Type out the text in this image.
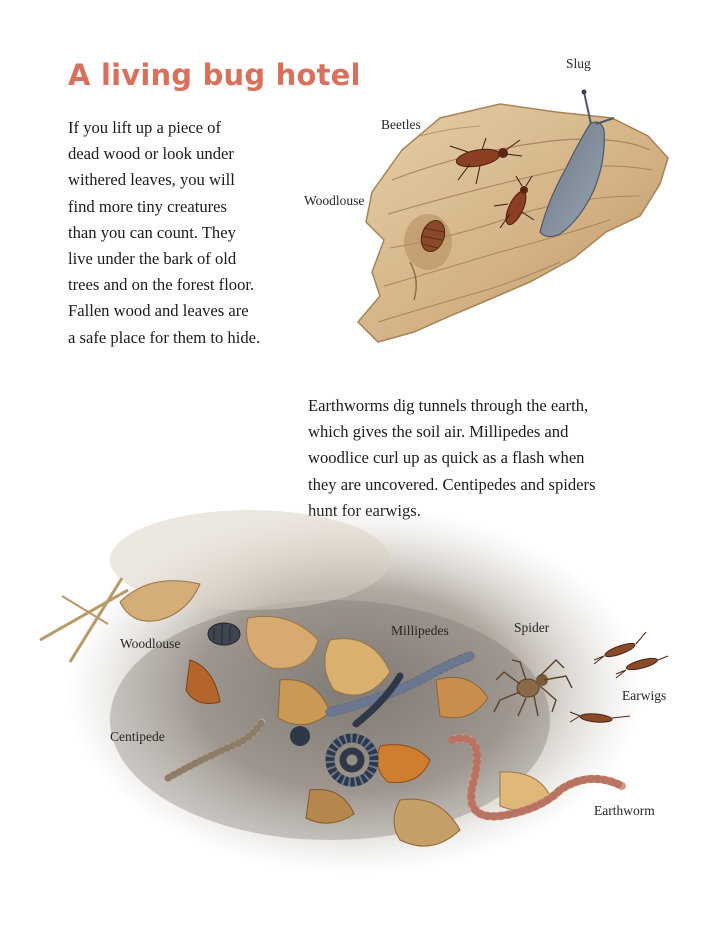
A living bug hotel
If you lift up a piece of
dead wood or look under
withered leaves, you will
find more tiny creatures
than you can count. They
live under the bark of old
trees and on the forest floor.
Fallen wood and leaves are
a safe place for them to hide.
Earthworms dig tunnels through the earth,
which gives the soil air. Millipedes and
woodlice curl up as quick as a flash when
they are uncovered. Centipedes and spiders
Slug
Beetles
Woodlouse
Woodlouse
Millipedes	Spider
Earwigs
Centipede
Earthworm
